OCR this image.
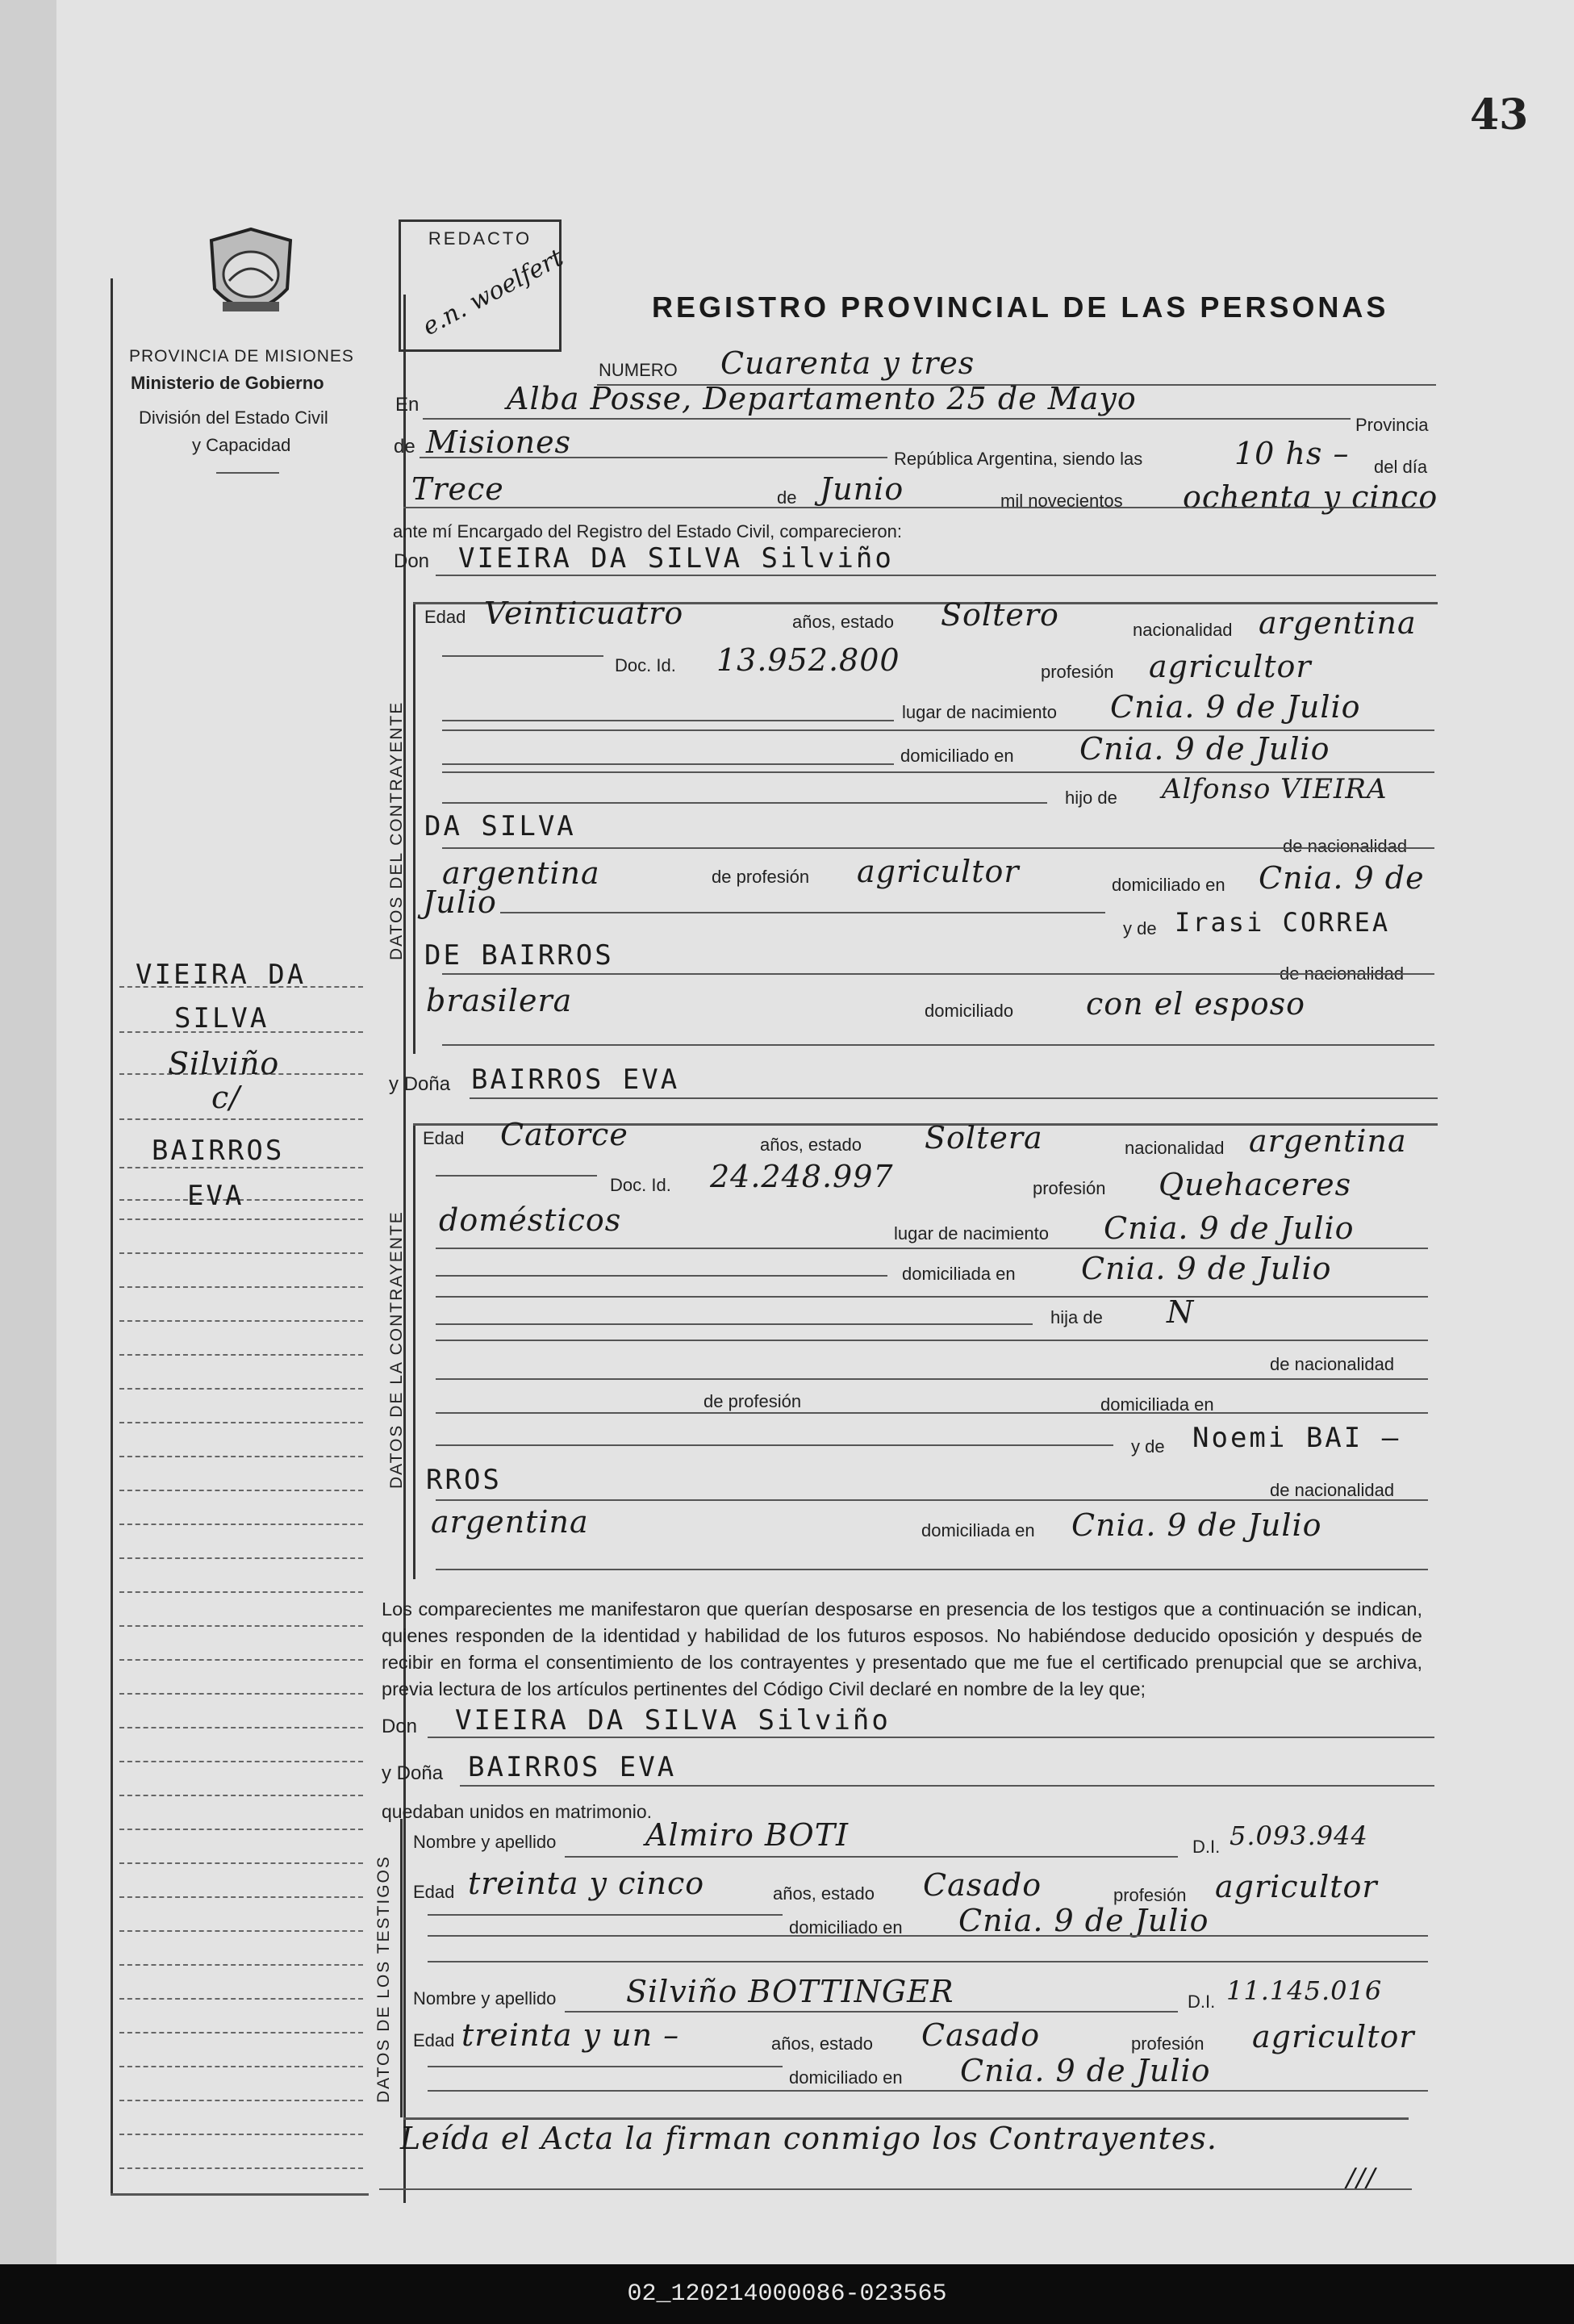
43
REDACTO
e.n. woelfert
PROVINCIA DE MISIONES
Ministerio de Gobierno
División del Estado Civil
y Capacidad
REGISTRO PROVINCIAL DE LAS PERSONAS
VIEIRA DA
SILVA
Silviño
c/
BAIRROS
EVA
NUMERO Cuarenta y tres
En	Alba Posse, Departamento 25 de Mayo
Provincia
de Misiones	República Argentina, siendo las	10 hs – del día
Trece	de Junio	mil novecientos ochenta y cinco
ante mí Encargado del Registro del Estado Civil, comparecieron:
Don VIEIRA DA SILVA Silviño
DATOS DEL CONTRAYENTE
Edad Veinticuatro	años, estado Soltero	nacionalidad argentina
Doc. Id. 13.952.800	profesión agricultor
lugar de nacimiento Cnia. 9 de Julio
domiciliado en Cnia. 9 de Julio
hijo de Alfonso VIEIRA
DA SILVA
de nacionalidad
argentina	de profesión agricultor	domiciliado en Cnia. 9 de
Julio
y de Irasi CORREA
DE BAIRROS
de nacionalidad
brasilera	domiciliado con el esposo
y Doña BAIRROS EVA
DATOS DE LA CONTRAYENTE
Edad Catorce	años, estado Soltera	nacionalidad argentina
Doc. Id. 24.248.997	profesión Quehaceres
domésticos	lugar de nacimiento Cnia. 9 de Julio
domiciliada en Cnia. 9 de Julio
hija de N
de nacionalidad
de profesión	domiciliada en
y de Noemi BAI –
RROS	de nacionalidad
argentina	domiciliada en Cnia. 9 de Julio
Los comparecientes me manifestaron que querían desposarse en presencia de los testigos que a continuación se indican, quienes responden de la identidad y habilidad de los futuros esposos. No habiéndose deducido oposición y después de recibir en forma el consentimiento de los contrayentes y presentado que me fue el certificado prenupcial que se archiva, previa lectura de los artículos pertinentes del Código Civil declaré en nombre de la ley que;
Don VIEIRA DA SILVA Silviño
y Doña BAIRROS EVA
quedaban unidos en matrimonio.
DATOS DE LOS TESTIGOS
Nombre y apellido	Almiro BOTI	D.I. 5.093.944
Edad treinta y cinco	años, estado Casado	profesión agricultor
domiciliado en Cnia. 9 de Julio
Nombre y apellido Silviño BOTTINGER	D.I. 11.145.016
Edad treinta y un –	años, estado Casado	profesión agricultor
domiciliado en Cnia. 9 de Julio
Leída el Acta la firman conmigo los Contrayentes.
///
02_120214000086-023565
